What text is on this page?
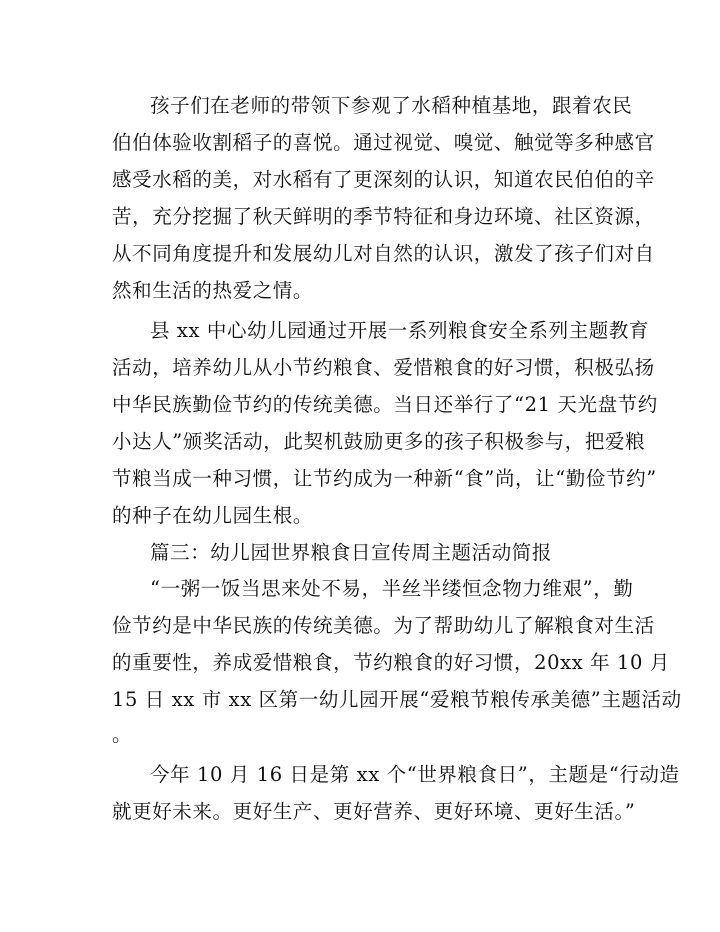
孩子们在老师的带领下参观了水稻种植基地，跟着农民
伯伯体验收割稻子的喜悦。通过视觉、嗅觉、触觉等多种感官
感受水稻的美，对水稻有了更深刻的认识，知道农民伯伯的辛
苦，充分挖掘了秋天鲜明的季节特征和身边环境、社区资源，
从不同角度提升和发展幼儿对自然的认识，激发了孩子们对自
然和生活的热爱之情。
县 xx 中心幼儿园通过开展一系列粮食安全系列主题教育
活动，培养幼儿从小节约粮食、爱惜粮食的好习惯，积极弘扬
中华民族勤俭节约的传统美德。当日还举行了“21 天光盘节约
小达人”颁奖活动，此契机鼓励更多的孩子积极参与，把爱粮
节粮当成一种习惯，让节约成为一种新“食”尚，让“勤俭节约”
的种子在幼儿园生根。
篇三：幼儿园世界粮食日宣传周主题活动简报
“一粥一饭当思来处不易，半丝半缕恒念物力维艰”，勤
俭节约是中华民族的传统美德。为了帮助幼儿了解粮食对生活
的重要性，养成爱惜粮食，节约粮食的好习惯，20xx 年 10 月
15 日 xx 市 xx 区第一幼儿园开展“爱粮节粮传承美德”主题活动
。
今年 10 月 16 日是第 xx 个“世界粮食日”，主题是“行动造
就更好未来。更好生产、更好营养、更好环境、更好生活。”
